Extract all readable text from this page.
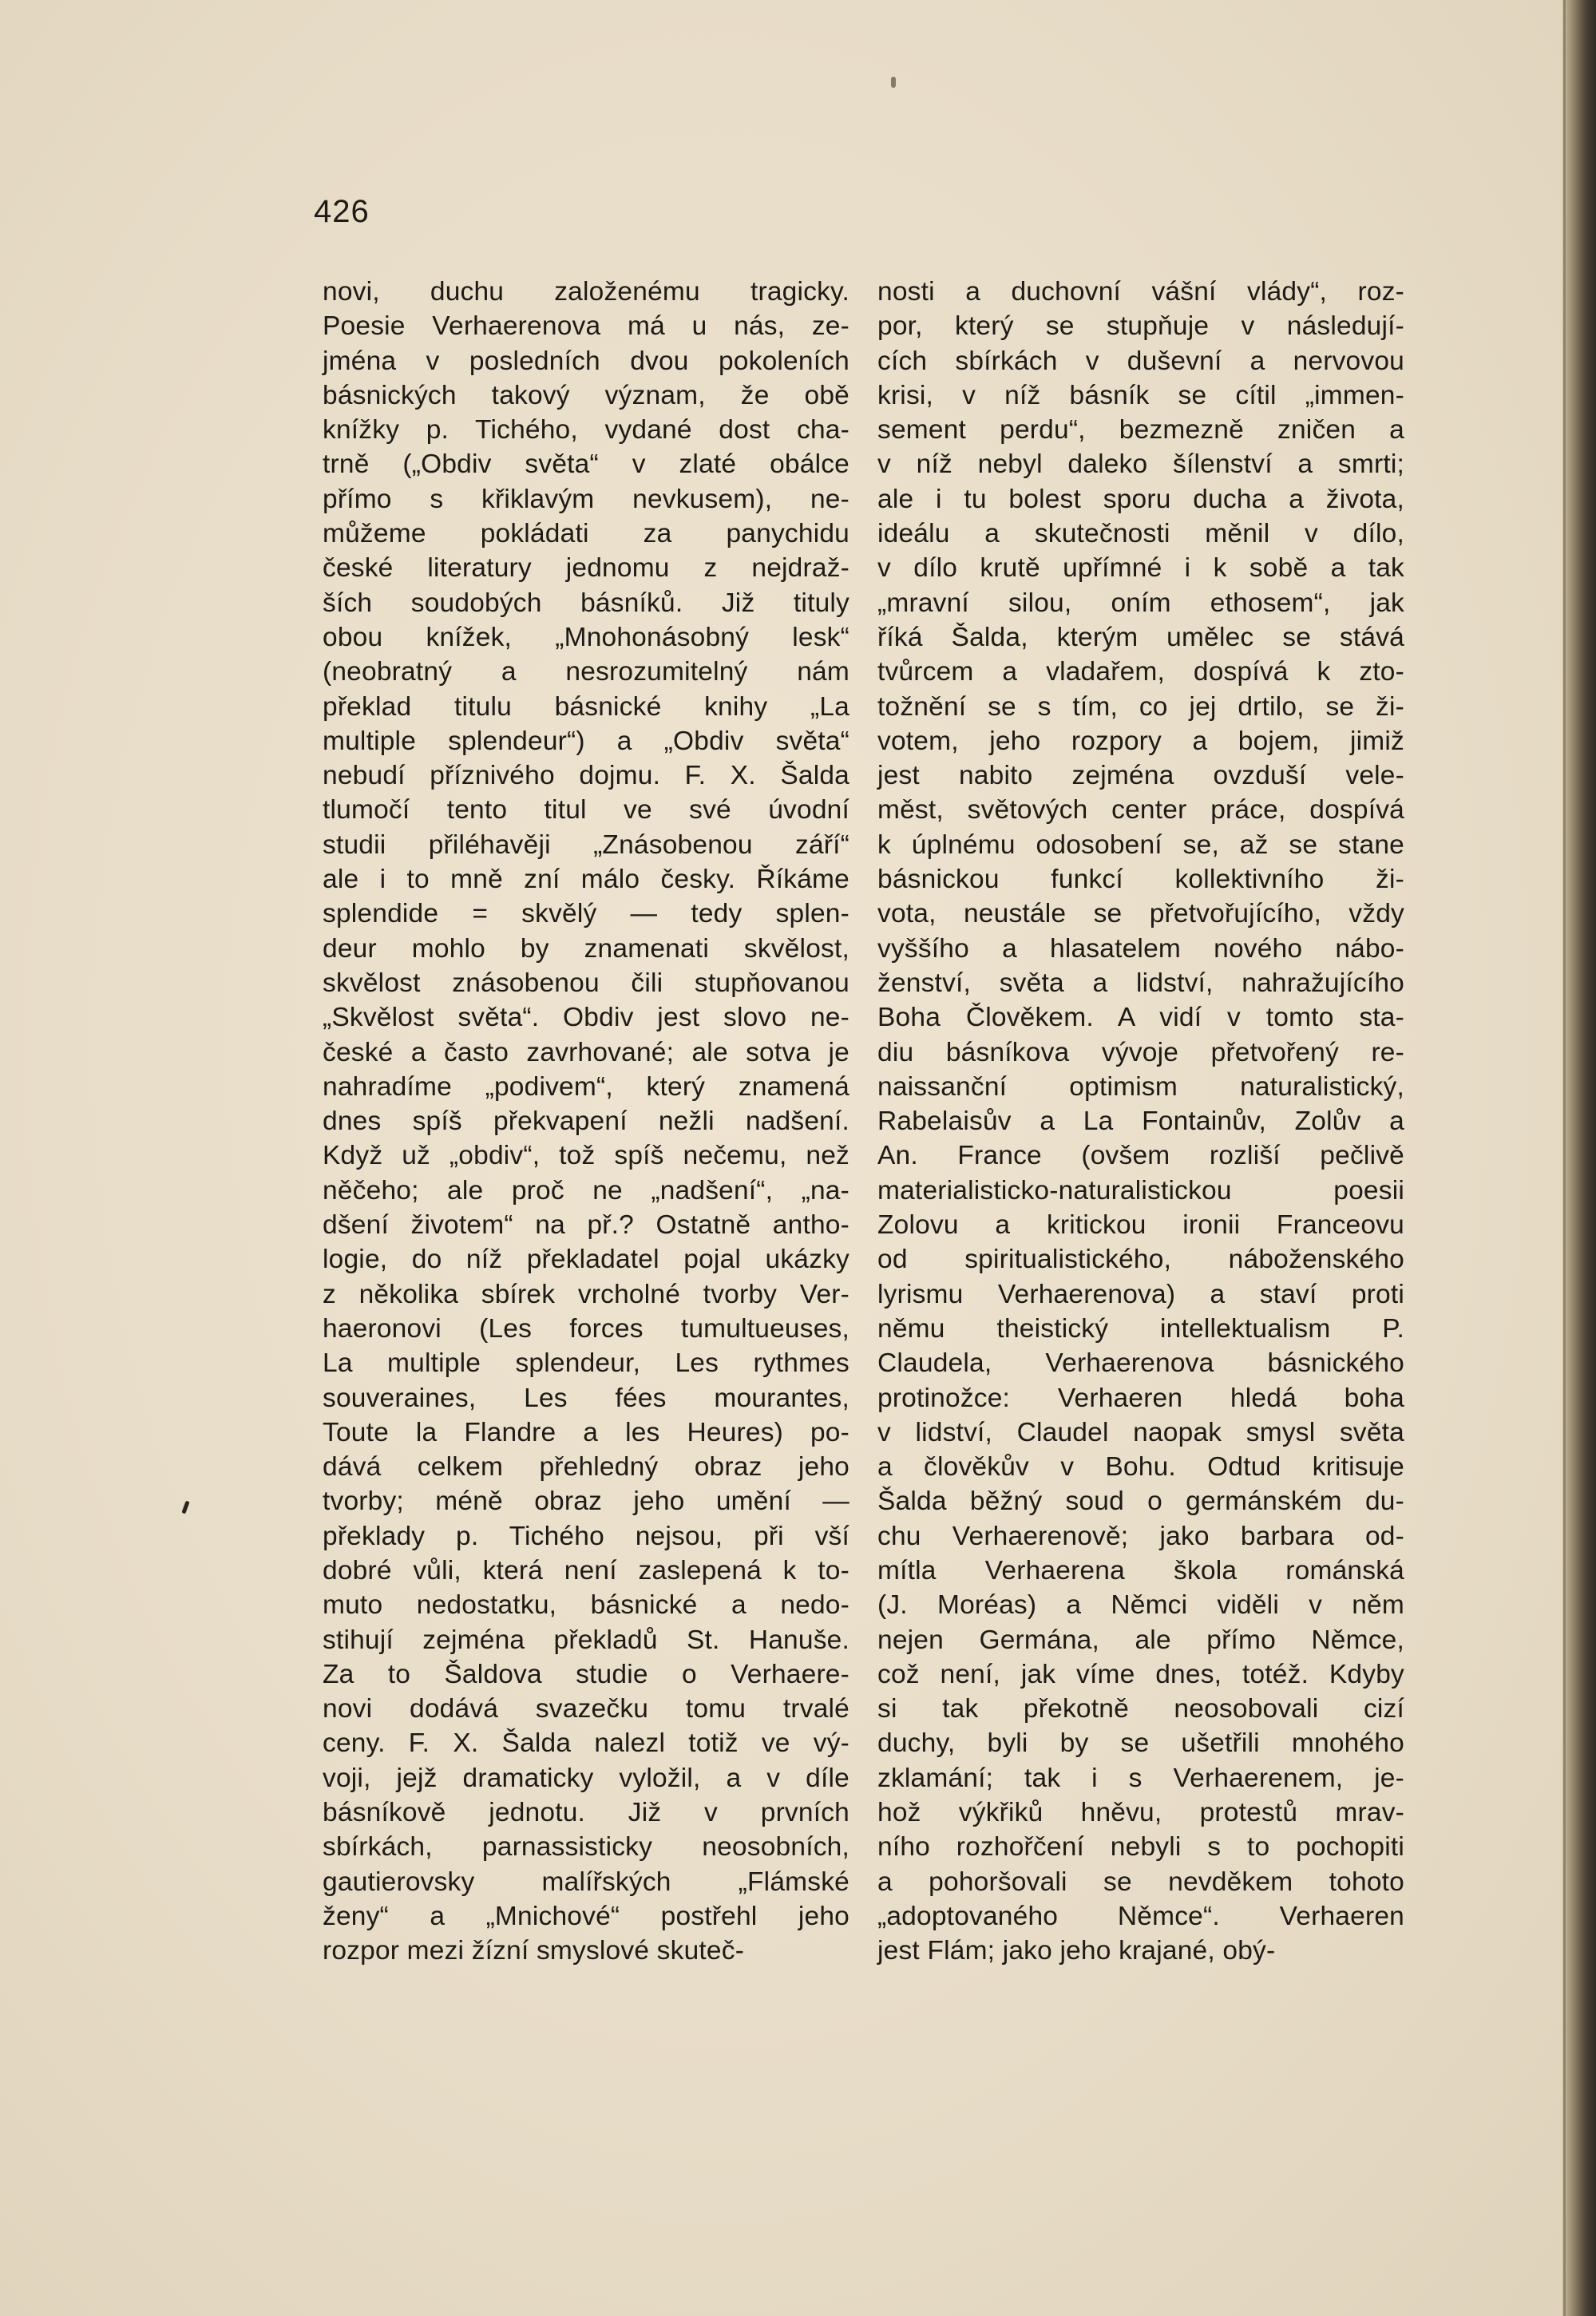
426
novi, duchu založenému tragicky.
Poesie Verhaerenova má u nás, ze-
jména v posledních dvou pokoleních
básnických takový význam, že obě
knížky p. Tichého, vydané dost cha-
trně („Obdiv světa“ v zlaté obálce
přímo s křiklavým nevkusem), ne-
můžeme pokládati za panychidu
české literatury jednomu z nejdraž-
ších soudobých básníků. Již tituly
obou knížek, „Mnohonásobný lesk“
(neobratný a nesrozumitelný nám
překlad titulu básnické knihy „La
multiple splendeur“) a „Obdiv světa“
nebudí příznivého dojmu. F. X. Šalda
tlumočí tento titul ve své úvodní
studii přiléhavěji „Znásobenou září“
ale i to mně zní málo česky. Říkáme
splendide = skvělý — tedy splen-
deur mohlo by znamenati skvělost,
skvělost znásobenou čili stupňovanou
„Skvělost světa“. Obdiv jest slovo ne-
české a často zavrhované; ale sotva je
nahradíme „podivem“, který znamená
dnes spíš překvapení nežli nadšení.
Když už „obdiv“, tož spíš nečemu, než
něčeho; ale proč ne „nadšení“, „na-
dšení životem“ na př.? Ostatně antho-
logie, do níž překladatel pojal ukázky
z několika sbírek vrcholné tvorby Ver-
haeronovi (Les forces tumultueuses,
La multiple splendeur, Les rythmes
souveraines, Les fées mourantes,
Toute la Flandre a les Heures) po-
dává celkem přehledný obraz jeho
tvorby; méně obraz jeho umění —
překlady p. Tichého nejsou, při vší
dobré vůli, která není zaslepená k to-
muto nedostatku, básnické a nedo-
stihují zejména překladů St. Hanuše.
Za to Šaldova studie o Verhaere-
novi dodává svazečku tomu trvalé
ceny. F. X. Šalda nalezl totiž ve vý-
voji, jejž dramaticky vyložil, a v díle
básníkově jednotu. Již v prvních
sbírkách, parnassisticky neosobních,
gautierovsky malířských „Flámské
ženy“ a „Mnichové“ postřehl jeho
rozpor mezi žízní smyslové skuteč-
nosti a duchovní vášní vlády“, roz-
por, který se stupňuje v následují-
cích sbírkách v duševní a nervovou
krisi, v níž básník se cítil „immen-
sement perdu“, bezmezně zničen a
v níž nebyl daleko šílenství a smrti;
ale i tu bolest sporu ducha a života,
ideálu a skutečnosti měnil v dílo,
v dílo krutě upřímné i k sobě a tak
„mravní silou, oním ethosem“, jak
říká Šalda, kterým umělec se stává
tvůrcem a vladařem, dospívá k zto-
tožnění se s tím, co jej drtilo, se ži-
votem, jeho rozpory a bojem, jimiž
jest nabito zejména ovzduší vele-
měst, světových center práce, dospívá
k úplnému odosobení se, až se stane
básnickou funkcí kollektivního ži-
vota, neustále se přetvořujícího, vždy
vyššího a hlasatelem nového nábo-
ženství, světa a lidství, nahražujícího
Boha Člověkem. A vidí v tomto sta-
diu básníkova vývoje přetvořený re-
naissanční optimism naturalistický,
Rabelaisův a La Fontainův, Zolův a
An. France (ovšem rozliší pečlivě
materialisticko-naturalistickou poesii
Zolovu a kritickou ironii Franceovu
od spiritualistického, náboženského
lyrismu Verhaerenova) a staví proti
němu theistický intellektualism P.
Claudela, Verhaerenova básnického
protinožce: Verhaeren hledá boha
v lidství, Claudel naopak smysl světa
a člověkův v Bohu. Odtud kritisuje
Šalda běžný soud o germánském du-
chu Verhaerenově; jako barbara od-
mítla Verhaerena škola románská
(J. Moréas) a Němci viděli v něm
nejen Germána, ale přímo Němce,
což není, jak víme dnes, totéž. Kdyby
si tak překotně neosobovali cizí
duchy, byli by se ušetřili mnohého
zklamání; tak i s Verhaerenem, je-
hož výkřiků hněvu, protestů mrav-
ního rozhořčení nebyli s to pochopiti
a pohoršovali se nevděkem tohoto
„adoptovaného Němce“. Verhaeren
jest Flám; jako jeho krajané, obý-
